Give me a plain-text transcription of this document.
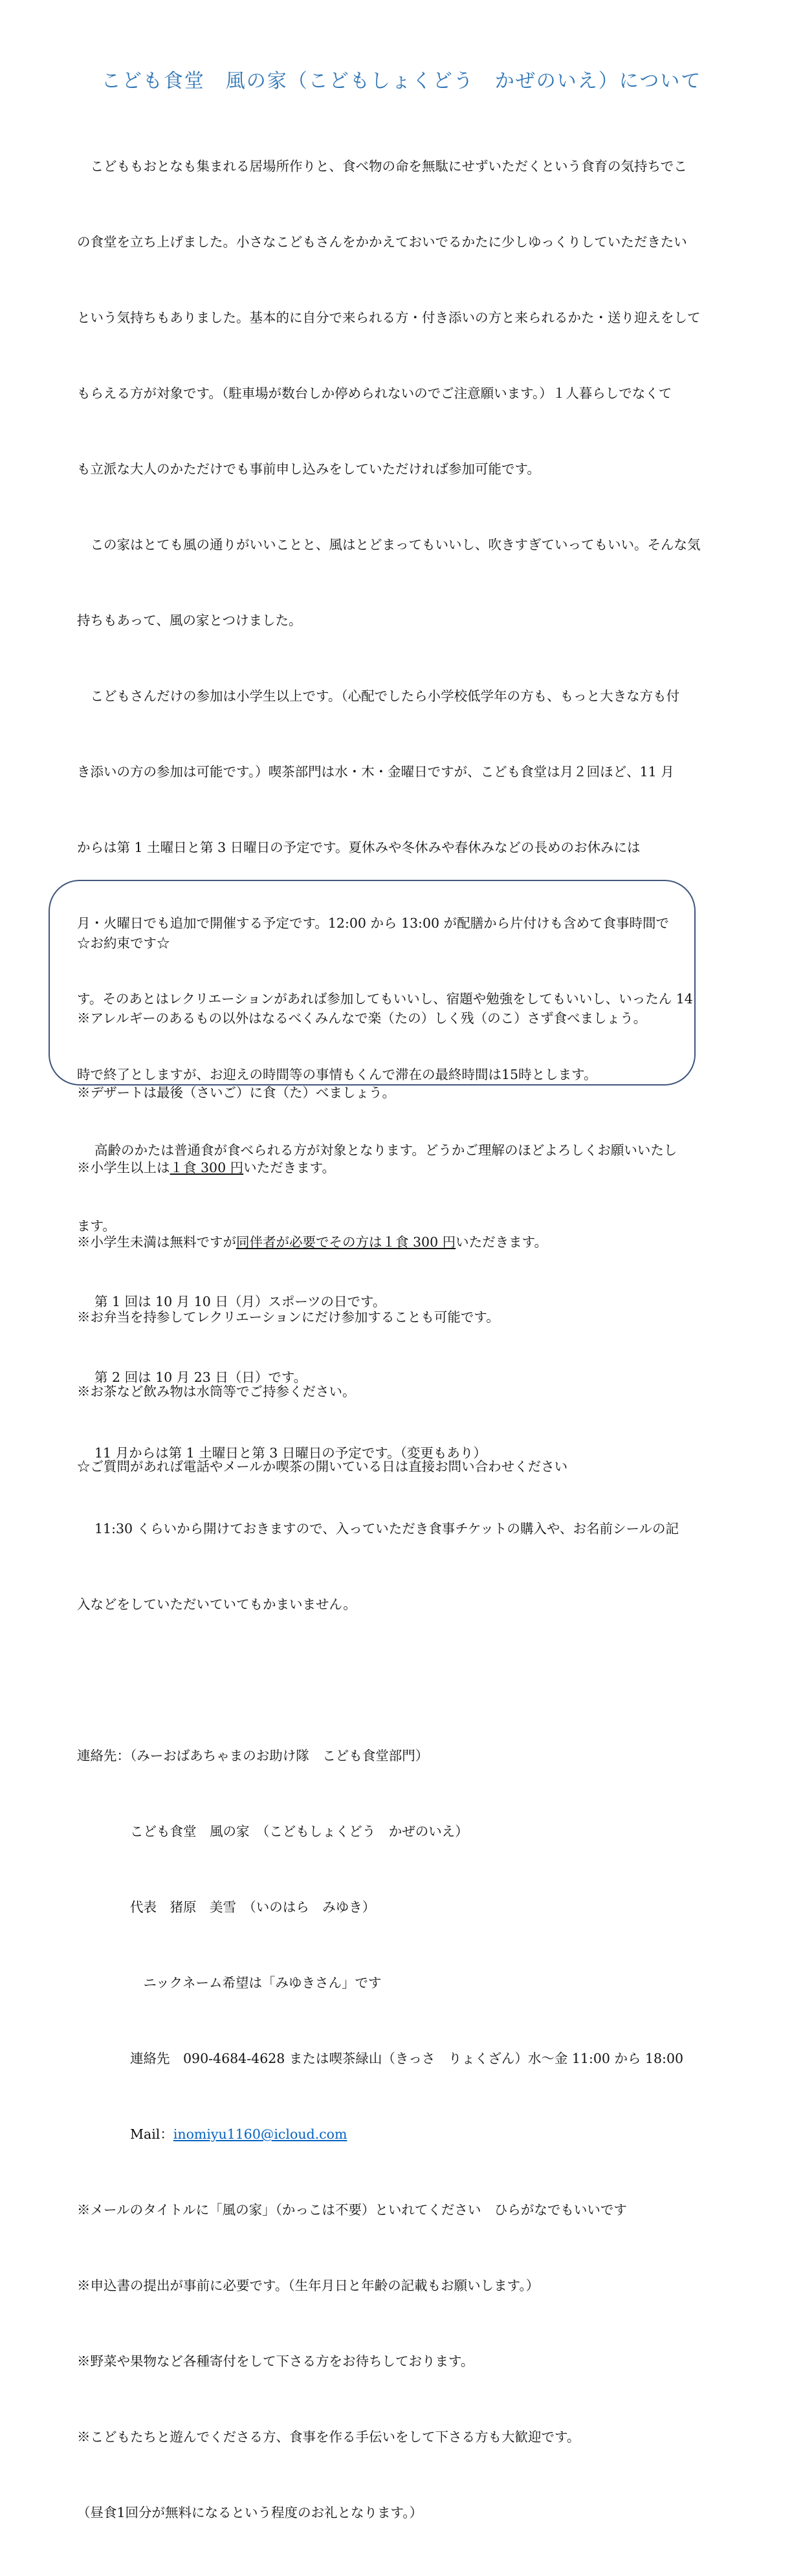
こども食堂　風の家（こどもしょくどう　かぜのいえ）について

　こどももおとなも集まれる居場所作りと、食べ物の命を無駄にせずいただくという食育の気持ちでこ

の食堂を立ち上げました。小さなこどもさんをかかえておいでるかたに少しゆっくりしていただきたい

という気持ちもありました。基本的に自分で来られる方・付き添いの方と来られるかた・送り迎えをして

もらえる方が対象です。（駐車場が数台しか停められないのでご注意願います。）１人暮らしでなくて

も立派な大人のかただけでも事前申し込みをしていただければ参加可能です。

　この家はとても風の通りがいいことと、風はとどまってもいいし、吹きすぎていってもいい。そんな気

持ちもあって、風の家とつけました。

　こどもさんだけの参加は小学生以上です。（心配でしたら小学校低学年の方も、もっと大きな方も付

き添いの方の参加は可能です。）喫茶部門は水・木・金曜日ですが、こども食堂は月２回ほど、11 月

からは第 1 土曜日と第 3 日曜日の予定です。夏休みや冬休みや春休みなどの長めのお休みには

月・火曜日でも追加で開催する予定です。12:00 から 13:00 が配膳から片付けも含めて食事時間で

す。そのあとはレクリエーションがあれば参加してもいいし、宿題や勉強をしてもいいし、いったん 14

時で終了としますが、お迎えの時間等の事情もくんで滞在の最終時間は15時とします。

　 高齢のかたは普通食が食べられる方が対象となります。どうかご理解のほどよろしくお願いいたし

ます。

　 第 1 回は 10 月 10 日（月）スポーツの日です。

　 第 2 回は 10 月 23 日（日）です。

　 11 月からは第 1 土曜日と第 3 日曜日の予定です。（変更もあり）

　 11:30 くらいから開けておきますので、入っていただき食事チケットの購入や、お名前シールの記

入などをしていただいていてもかまいません。

連絡先：（みーおばあちゃまのお助け隊　こども食堂部門）

　　　　こども食堂　風の家　（こどもしょくどう　かぜのいえ）

　　　　代表　猪原　美雪　（いのはら　みゆき）

　　　　　ニックネーム希望は「みゆきさん」です

　　　　連絡先　090-4684-4628 または喫茶緑山（きっさ　りょくざん）水～金 11:00 から 18:00

　　　　Mail：inomiyu1160@icloud.com

※メールのタイトルに「風の家」（かっこは不要）といれてください　ひらがなでもいいです

※申込書の提出が事前に必要です。（生年月日と年齢の記載もお願いします。）

※野菜や果物など各種寄付をして下さる方をお待ちしております。

※こどもたちと遊んでくださる方、食事を作る手伝いをして下さる方も大歓迎です。

（昼食1回分が無料になるという程度のお礼となります。）

☆お約束です☆

※アレルギーのあるもの以外はなるべくみんなで楽（たの）しく残（のこ）さず食べましょう。

※デザートは最後（さいご）に食（た）べましょう。

※小学生以上は１食 300 円いただきます。

※小学生未満は無料ですが同伴者が必要でその方は１食 300 円いただきます。

※お弁当を持参してレクリエーションにだけ参加することも可能です。

※お茶など飲み物は水筒等でご持参ください。

☆ご質問があれば電話やメールか喫茶の開いている日は直接お問い合わせください
